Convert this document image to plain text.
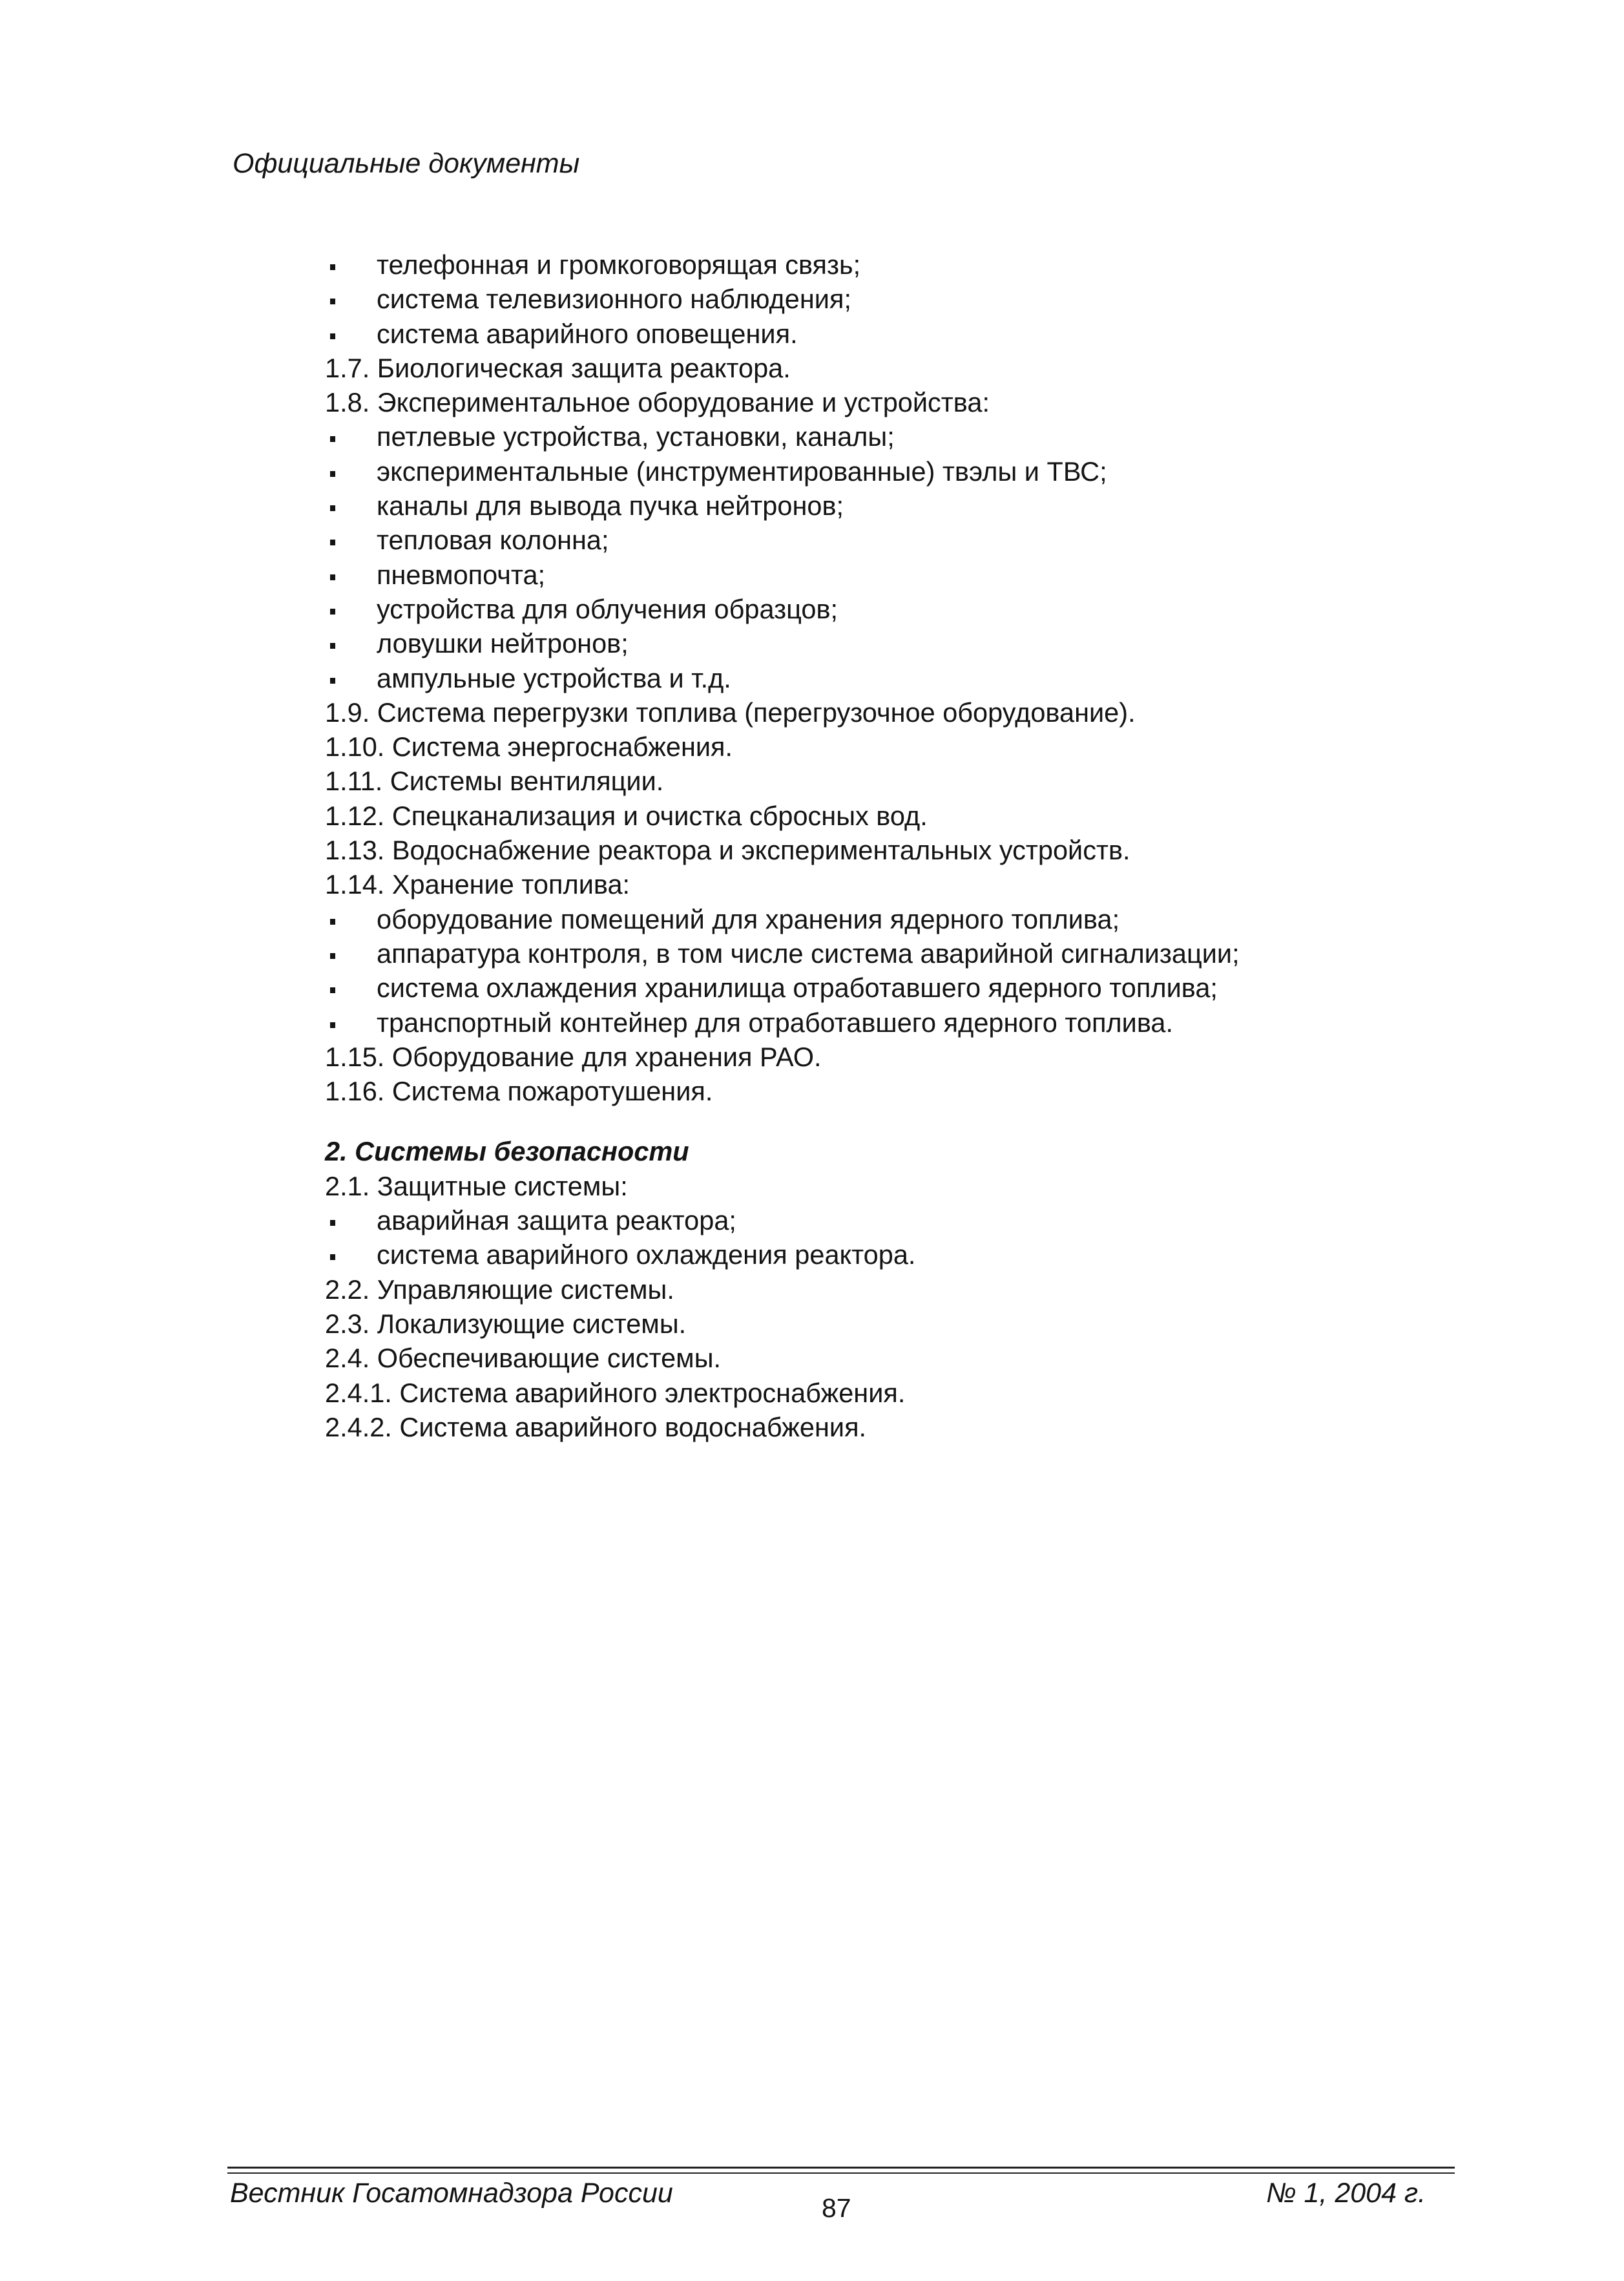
Официальные документы
телефонная и громкоговорящая связь;
система телевизионного наблюдения;
система аварийного оповещения.
1.7. Биологическая защита реактора.
1.8. Экспериментальное оборудование и устройства:
петлевые устройства, установки, каналы;
экспериментальные (инструментированные) твэлы и ТВС;
каналы для вывода пучка нейтронов;
тепловая колонна;
пневмопочта;
устройства для облучения образцов;
ловушки нейтронов;
ампульные устройства и т.д.
1.9. Система перегрузки топлива (перегрузочное оборудование).
1.10. Система энергоснабжения.
1.11. Системы вентиляции.
1.12. Спецканализация и очистка сбросных вод.
1.13. Водоснабжение реактора и экспериментальных устройств.
1.14. Хранение топлива:
оборудование помещений для хранения ядерного топлива;
аппаратура контроля, в том числе система аварийной сигнализации;
система охлаждения хранилища отработавшего ядерного топлива;
транспортный контейнер для отработавшего ядерного топлива.
1.15. Оборудование для хранения РАО.
1.16. Система пожаротушения.
2. Системы безопасности
2.1. Защитные системы:
аварийная защита реактора;
система аварийного охлаждения реактора.
2.2. Управляющие системы.
2.3. Локализующие системы.
2.4. Обеспечивающие системы.
2.4.1. Система аварийного электроснабжения.
2.4.2. Система аварийного водоснабжения.
Вестник Госатомнадзора России	87	№ 1, 2004 г.
